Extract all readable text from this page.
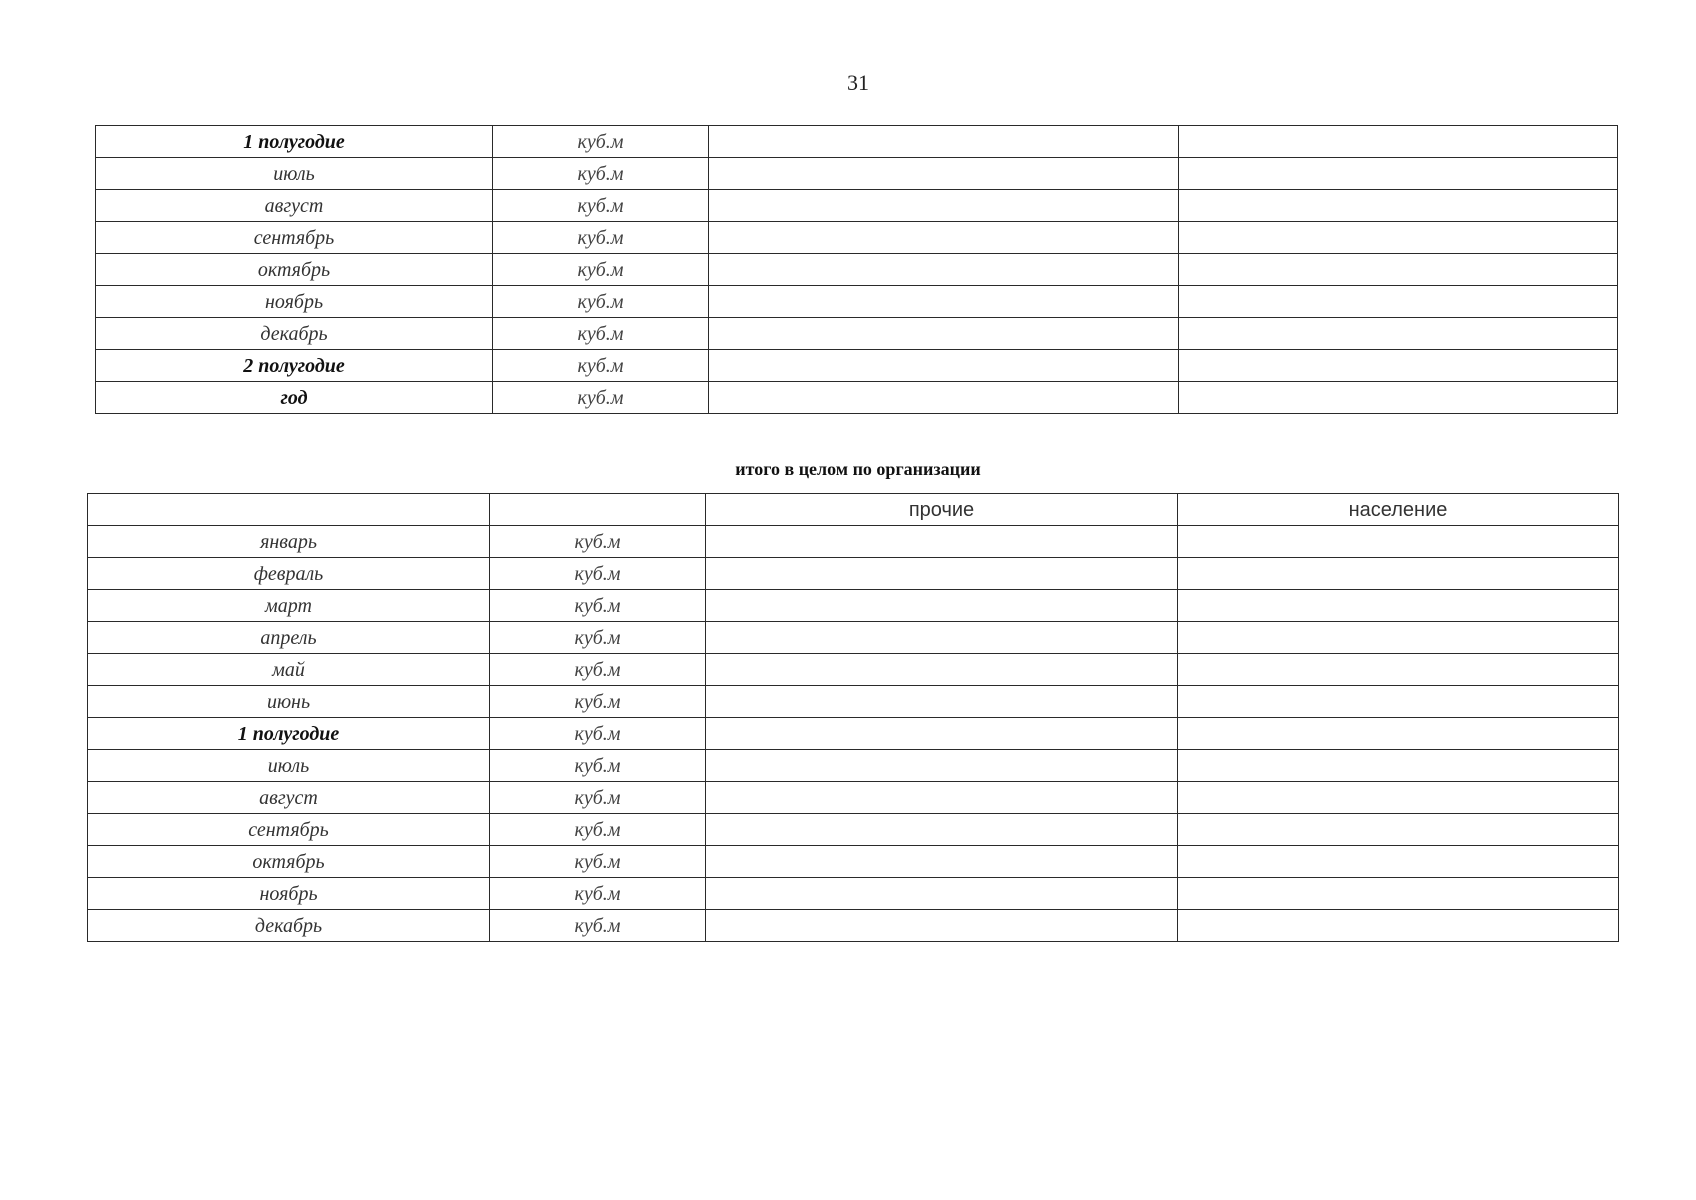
31
1 полугодие	куб.м		
июль	куб.м		
август	куб.м		
сентябрь	куб.м		
октябрь	куб.м		
ноябрь	куб.м		
декабрь	куб.м		
2 полугодие	куб.м		
год	куб.м		
итого в целом по организации
		прочие	население
январь	куб.м		
февраль	куб.м		
март	куб.м		
апрель	куб.м		
май	куб.м		
июнь	куб.м		
1 полугодие	куб.м		
июль	куб.м		
август	куб.м		
сентябрь	куб.м		
октябрь	куб.м		
ноябрь	куб.м		
декабрь	куб.м		
